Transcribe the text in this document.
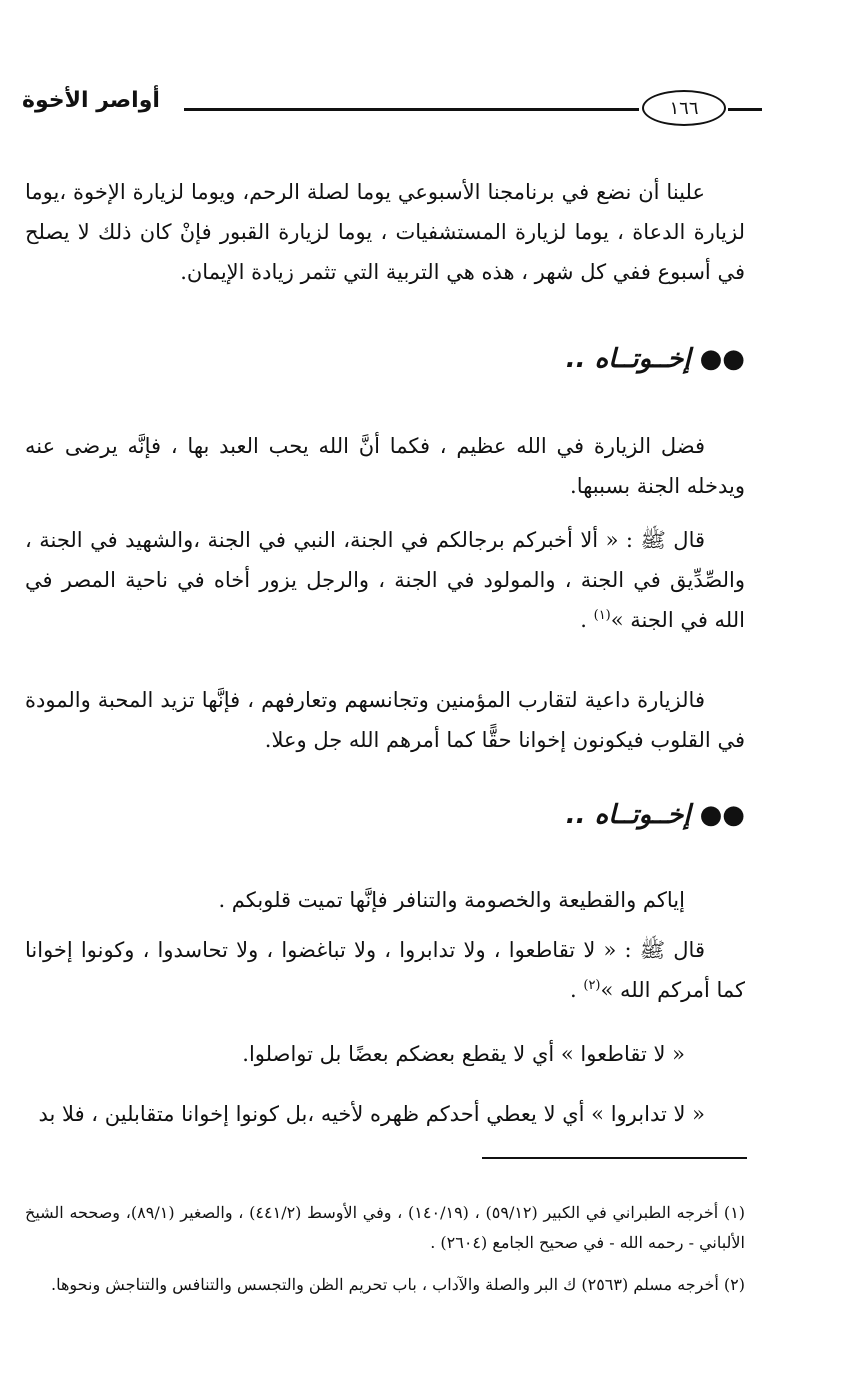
أواصر الأخوة	١٦٦

علينا أن نضع في برنامجنا الأسبوعي يوما لصلة الرحم، ويوما لزيارة الإخوة ،يوما لزيارة الدعاة ، يوما لزيارة المستشفيات ، يوما لزيارة القبور فإنْ كان ذلك لا يصلح في أسبوع ففي كل شهر ، هذه هي التربية التي تثمر زيادة الإيمان.

●● إخــوتــاه ..

فضل الزيارة في الله عظيم ، فكما أنَّ الله يحب العبد بها ، فإنَّه يرضى عنه ويدخله الجنة بسببها.

قال ﷺ : « ألا أخبركم برجالكم في الجنة، النبي في الجنة ،والشهيد في الجنة ، والصِّدِّيق في الجنة ، والمولود في الجنة ، والرجل يزور أخاه في ناحية المصر في الله في الجنة »$^{(١)}$ .

فالزيارة داعية لتقارب المؤمنين وتجانسهم وتعارفهم ، فإنَّها تزيد المحبة والمودة في القلوب فيكونون إخوانا حقًّا كما أمرهم الله جل وعلا.

●● إخــوتــاه ..

إياكم والقطيعة والخصومة والتنافر فإنَّها تميت قلوبكم .

قال ﷺ : « لا تقاطعوا ، ولا تدابروا ، ولا تباغضوا ، ولا تحاسدوا ، وكونوا إخوانا كما أمركم الله »$^{(٢)}$ .

« لا تقاطعوا » أي لا يقطع بعضكم بعضًا بل تواصلوا.

« لا تدابروا » أي لا يعطي أحدكم ظهره لأخيه ،بل كونوا إخوانا متقابلين ، فلا بد

(١) أخرجه الطبراني في الكبير (٥٩/١٢) ، (١٤٠/١٩) ، وفي الأوسط (٤٤١/٢) ، والصغير (٨٩/١)، وصححه الشيخ الألباني - رحمه الله - في صحيح الجامع (٢٦٠٤) .

(٢) أخرجه مسلم (٢٥٦٣) ك البر والصلة والآداب ، باب تحريم الظن والتجسس والتنافس والتناجش ونحوها.
